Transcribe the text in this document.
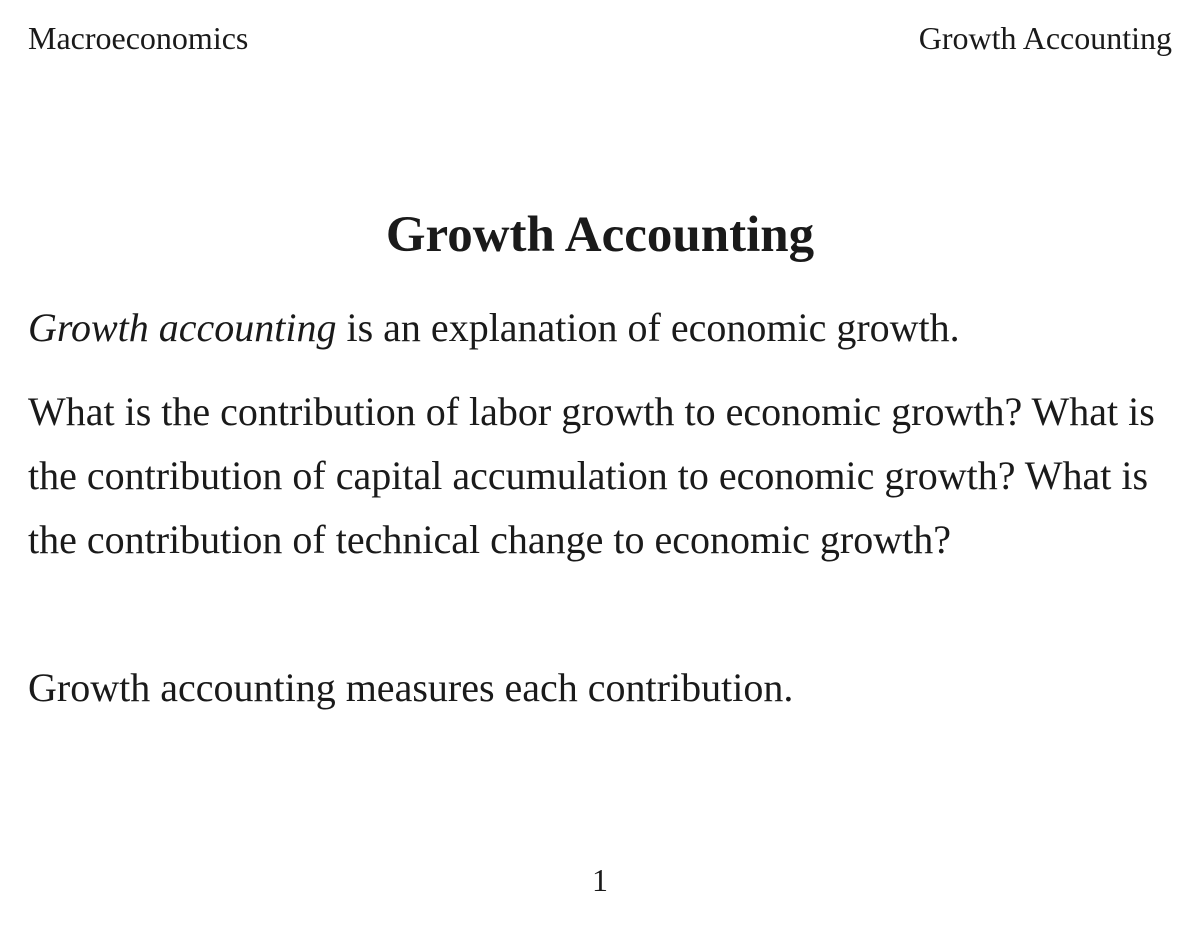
Macroeconomics	Growth Accounting
Growth Accounting

Growth accounting is an explanation of economic growth.

What is the contribution of labor growth to economic growth? What is the contribution of capital accumulation to economic growth? What is the contribution of technical change to economic growth?

Growth accounting measures each contribution.

1
